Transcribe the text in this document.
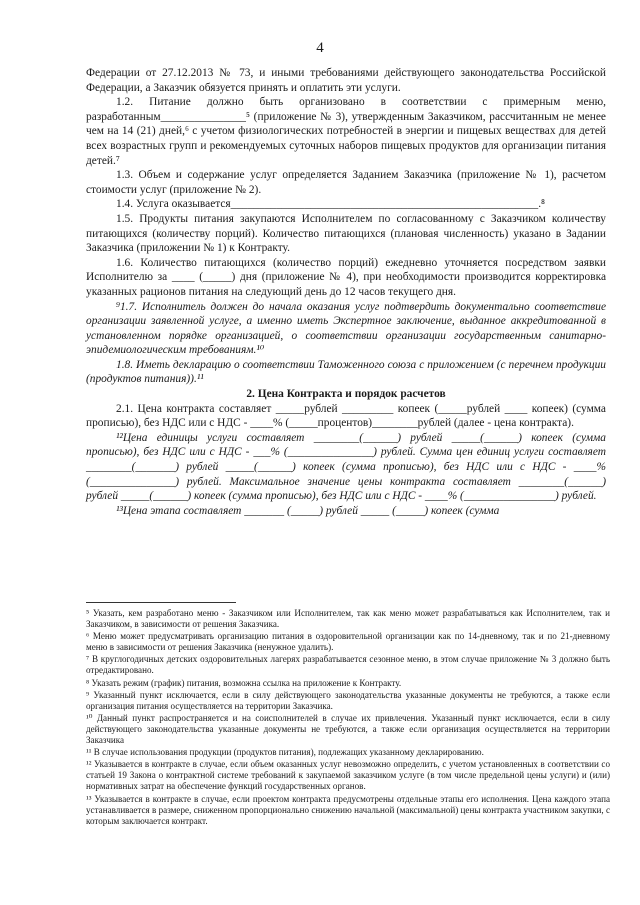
4

Федерации от 27.12.2013 № 73, и иными требованиями действующего законодательства Российской Федерации, а Заказчик обязуется принять и оплатить эти услуги.

1.2. Питание должно быть организовано в соответствии с примерным меню, разработанным_______________⁵ (приложение № 3), утвержденным Заказчиком, рассчитанным не менее чем на 14 (21) дней,⁶ с учетом физиологических потребностей в энергии и пищевых веществах для детей всех возрастных групп и рекомендуемых суточных наборов пищевых продуктов для организации питания детей.⁷

1.3. Объем и содержание услуг определяется Заданием Заказчика (приложение № 1), расчетом стоимости услуг (приложение № 2).

1.4. Услуга оказывается______________________________________________________.⁸

1.5. Продукты питания закупаются Исполнителем по согласованному с Заказчиком количеству питающихся (количеству порций). Количество питающихся (плановая численность) указано в Задании Заказчика (приложении № 1) к Контракту.

1.6. Количество питающихся (количество порций) ежедневно уточняется посредством заявки Исполнителю за ____ (_____) дня (приложение № 4), при необходимости производится корректировка указанных рационов питания на следующий день до 12 часов текущего дня.

⁹1.7. Исполнитель должен до начала оказания услуг подтвердить документально соответствие организации заявленной услуге, а именно иметь Экспертное заключение, выданное аккредитованной в установленном порядке организацией, о соответствии организации государственным санитарно-эпидемиологическим требованиям.¹⁰

1.8. Иметь декларацию о соответствии Таможенного союза с приложением (с перечнем продукции (продуктов питания)).¹¹

2. Цена Контракта и порядок расчетов

2.1. Цена контракта составляет _____рублей _________ копеек (_____рублей ____ копеек) (сумма прописью), без НДС или с НДС - ____% (_____процентов)________рублей (далее - цена контракта).

¹²Цена единицы услуги составляет ________(______) рублей _____(______) копеек (сумма прописью), без НДС или с НДС - ___% (_______________) рублей. Сумма цен единиц услуги составляет ________(_______) рублей _____(______) копеек (сумма прописью), без НДС или с НДС - ____% (_______________) рублей. Максимальное значение цены контракта составляет ________(______) рублей _____(______) копеек (сумма прописью), без НДС или с НДС - ____% (________________) рублей.

¹³Цена этапа составляет _______ (_____) рублей _____ (_____) копеек (сумма

⁵ Указать, кем разработано меню - Заказчиком или Исполнителем, так как меню может разрабатываться как Исполнителем, так и Заказчиком, в зависимости от решения Заказчика.

⁶ Меню может предусматривать организацию питания в оздоровительной организации как по 14-дневному, так и по 21-дневному меню в зависимости от решения Заказчика (ненужное удалить).

⁷ В круглогодичных детских оздоровительных лагерях разрабатывается сезонное меню, в этом случае приложение № 3 должно быть отредактировано.

⁸ Указать режим (график) питания, возможна ссылка на приложение к Контракту.

⁹ Указанный пункт исключается, если в силу действующего законодательства указанные документы не требуются, а также если организация питания осуществляется на территории Заказчика.

¹⁰ Данный пункт распространяется и на соисполнителей в случае их привлечения. Указанный пункт исключается, если в силу действующего законодательства указанные документы не требуются, а также если организация осуществляется на территории Заказчика

¹¹ В случае использования продукции (продуктов питания), подлежащих указанному декларированию.

¹² Указывается в контракте в случае, если объем оказанных услуг невозможно определить, с учетом установленных в соответствии со статьей 19 Закона о контрактной системе требований к закупаемой заказчиком услуге (в том числе предельной цены услуги) и (или) нормативных затрат на обеспечение функций государственных органов.

¹³ Указывается в контракте в случае, если проектом контракта предусмотрены отдельные этапы его исполнения. Цена каждого этапа устанавливается в размере, сниженном пропорционально снижению начальной (максимальной) цены контракта участником закупки, с которым заключается контракт.
